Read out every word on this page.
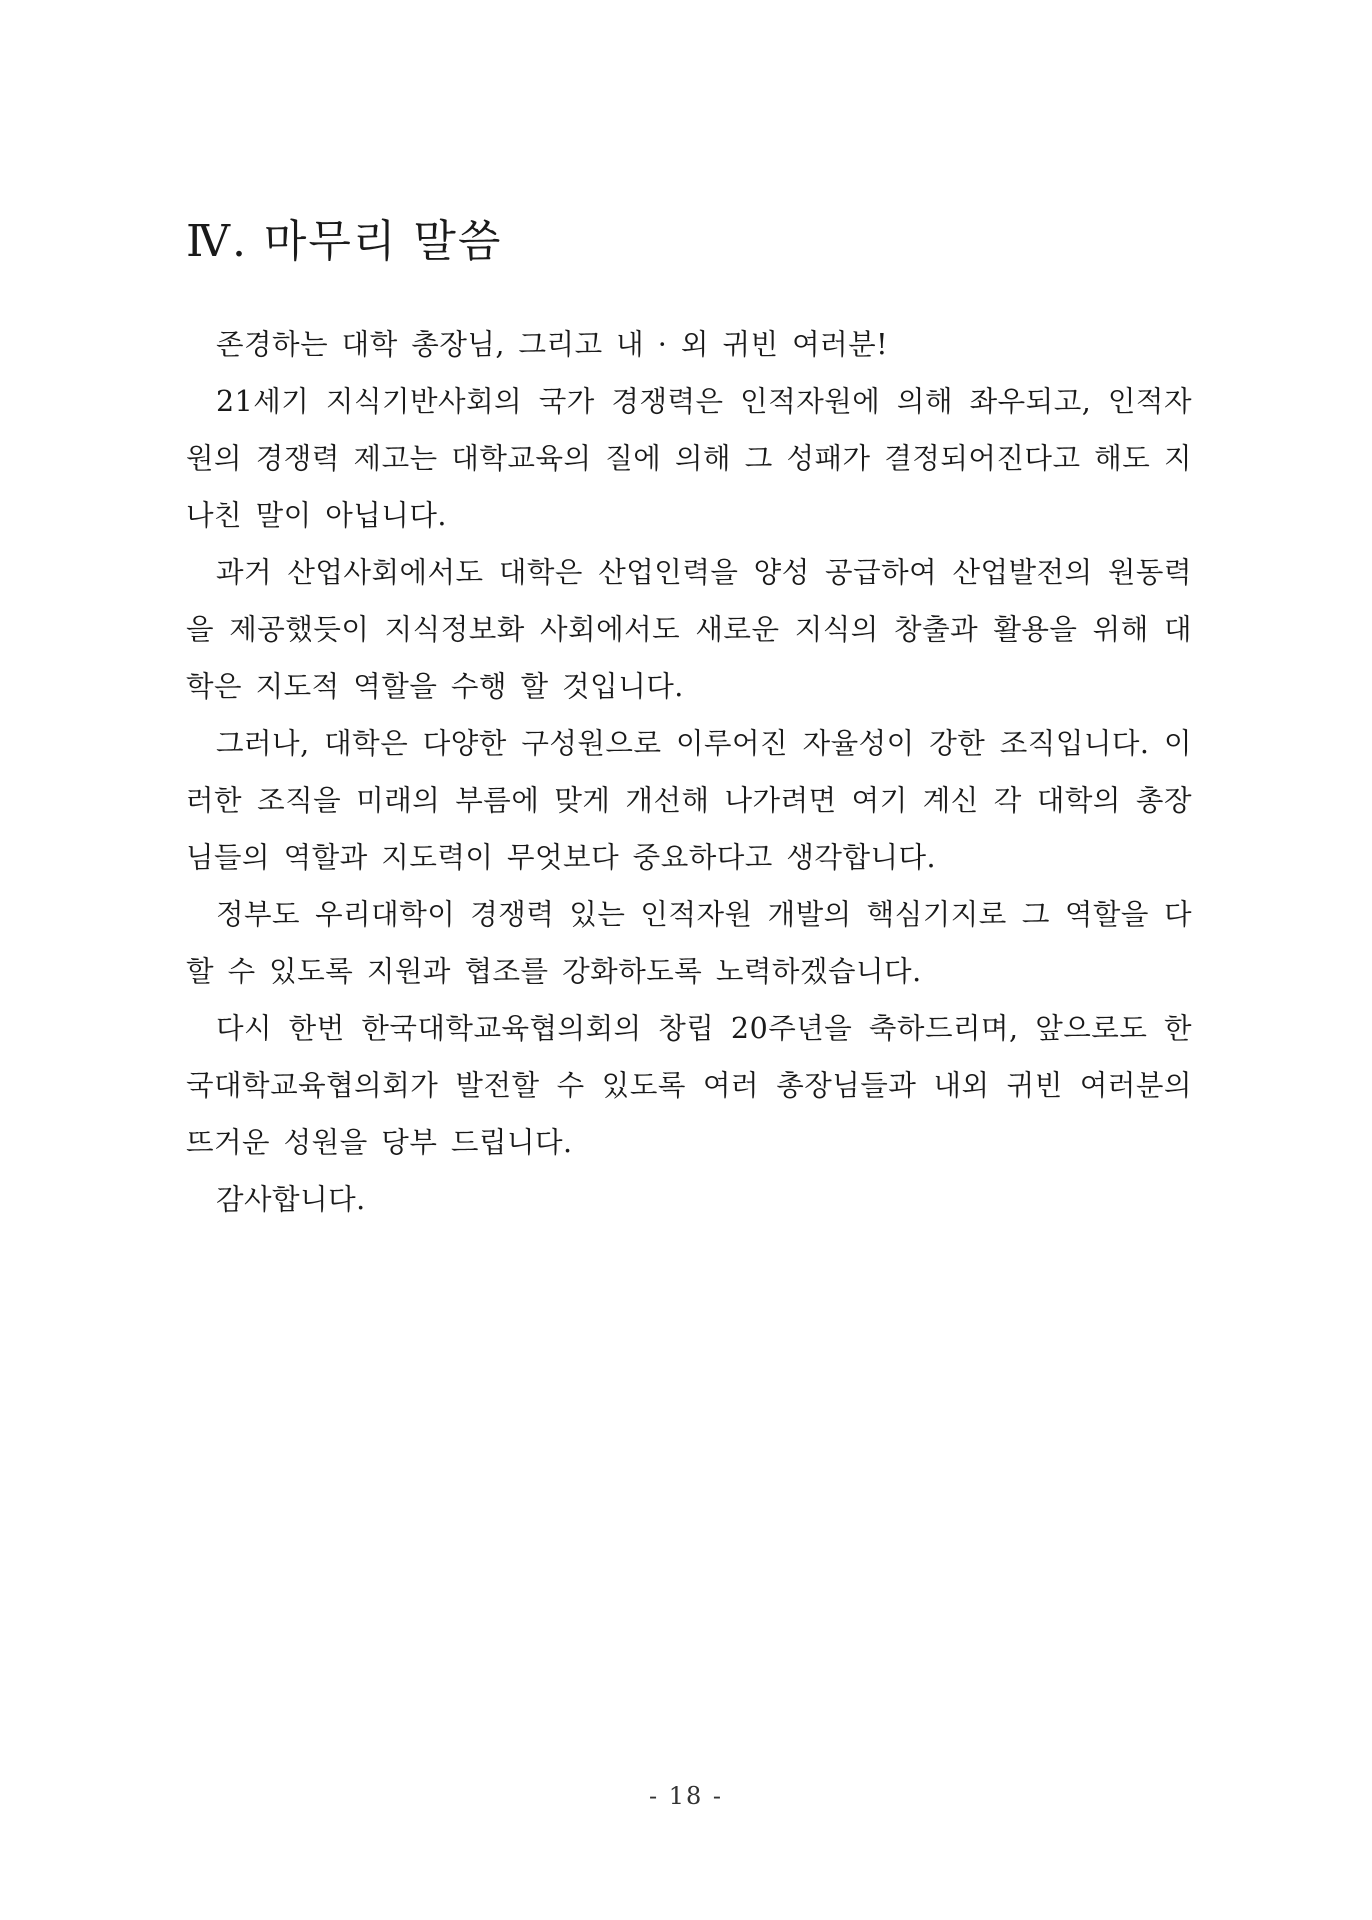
Ⅳ. 마무리 말씀

존경하는 대학 총장님, 그리고 내 · 외 귀빈 여러분!

21세기 지식기반사회의 국가 경쟁력은 인적자원에 의해 좌우되고, 인적자원의 경쟁력 제고는 대학교육의 질에 의해 그 성패가 결정되어진다고 해도 지나친 말이 아닙니다.

과거 산업사회에서도 대학은 산업인력을 양성 공급하여 산업발전의 원동력을 제공했듯이 지식정보화 사회에서도 새로운 지식의 창출과 활용을 위해 대학은 지도적 역할을 수행 할 것입니다.

그러나, 대학은 다양한 구성원으로 이루어진 자율성이 강한 조직입니다. 이러한 조직을 미래의 부름에 맞게 개선해 나가려면 여기 계신 각 대학의 총장님들의 역할과 지도력이 무엇보다 중요하다고 생각합니다.

정부도 우리대학이 경쟁력 있는 인적자원 개발의 핵심기지로 그 역할을 다할 수 있도록 지원과 협조를 강화하도록 노력하겠습니다.

다시 한번 한국대학교육협의회의 창립 20주년을 축하드리며, 앞으로도 한국대학교육협의회가 발전할 수 있도록 여러 총장님들과 내외 귀빈 여러분의 뜨거운 성원을 당부 드립니다.

감사합니다.

- 18 -
